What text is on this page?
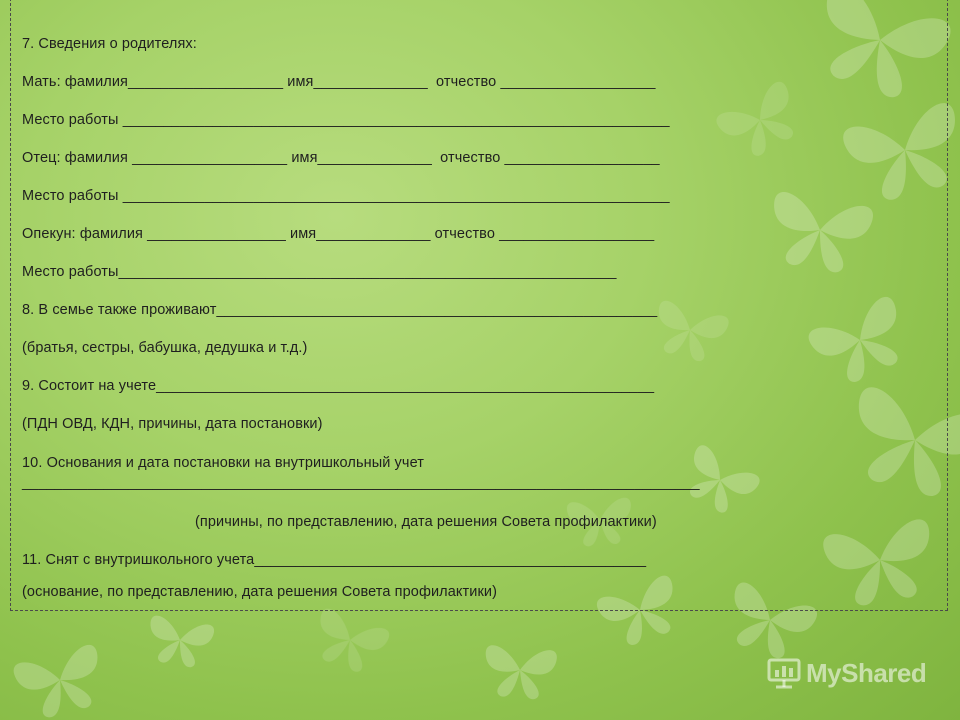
7. Сведения о родителях:
Мать: фамилия___________________ имя______________  отчество ___________________
Место работы ___________________________________________________________________
Отец: фамилия ___________________ имя______________  отчество ___________________
Место работы ___________________________________________________________________
Опекун: фамилия _________________ имя______________ отчество ___________________
Место работы_____________________________________________________________
8. В семье также проживают______________________________________________________
(братья, сестры, бабушка, дедушка и т.д.)
9. Состоит на учете_____________________________________________________________
(ПДН ОВД, КДН, причины, дата постановки)
10. Основания и дата постановки на внутришкольный учет
___________________________________________________________________________________
(причины, по представлению, дата решения Совета профилактики)
11. Снят с внутришкольного учета________________________________________________
(основание, по представлению, дата решения Совета профилактики)
MyShared
